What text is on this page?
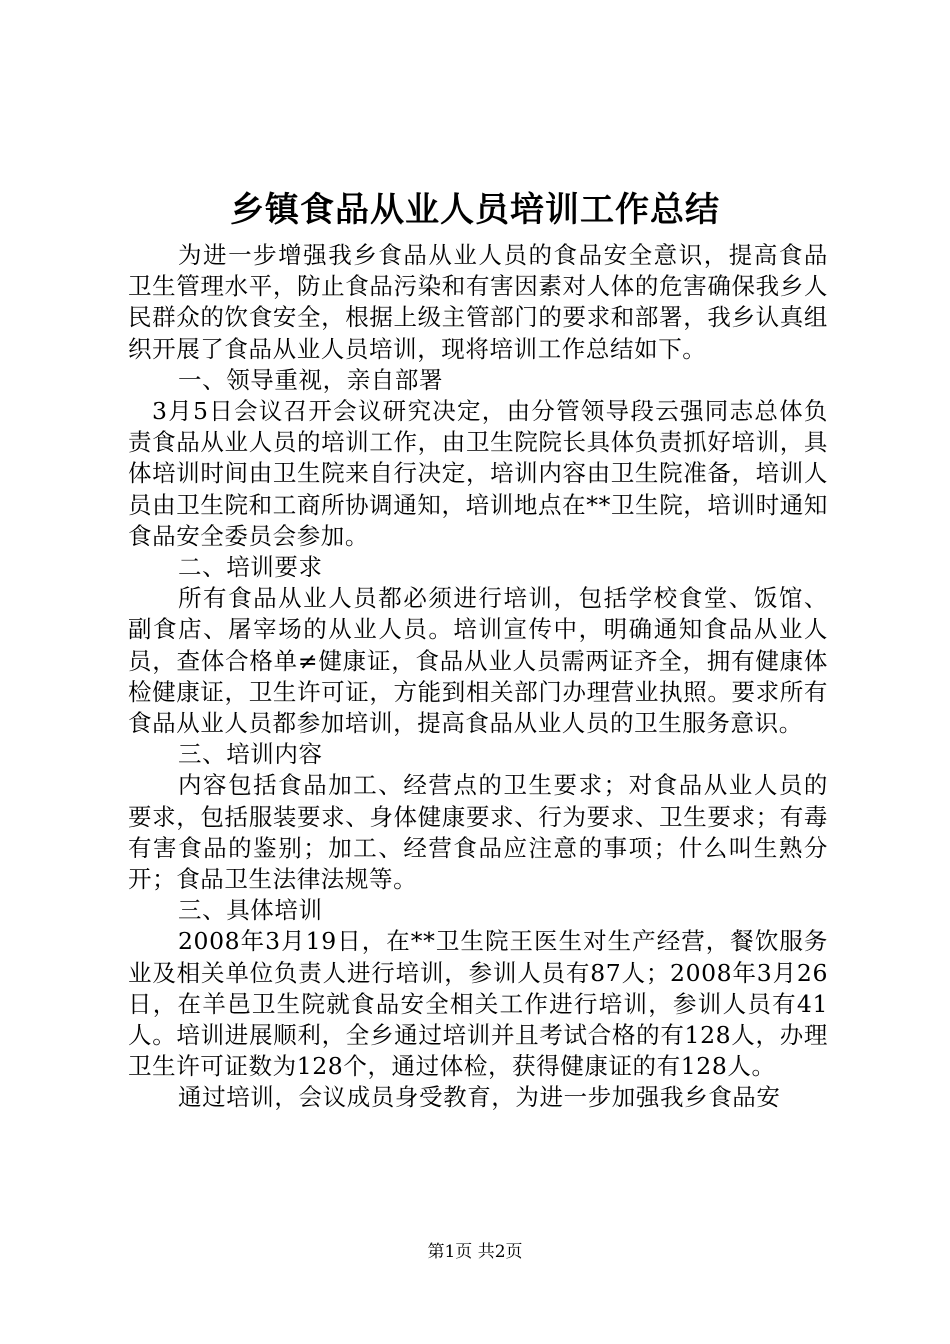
乡镇食品从业人员培训工作总结

为进一步增强我乡食品从业人员的食品安全意识，提高食品卫生管理水平，防止食品污染和有害因素对人体的危害确保我乡人民群众的饮食安全，根据上级主管部门的要求和部署，我乡认真组织开展了食品从业人员培训，现将培训工作总结如下。

一、领导重视，亲自部署

3月5日会议召开会议研究决定，由分管领导段云强同志总体负责食品从业人员的培训工作，由卫生院院长具体负责抓好培训，具体培训时间由卫生院来自行决定，培训内容由卫生院准备，培训人员由卫生院和工商所协调通知，培训地点在**卫生院，培训时通知食品安全委员会参加。

二、培训要求

所有食品从业人员都必须进行培训，包括学校食堂、饭馆、副食店、屠宰场的从业人员。培训宣传中，明确通知食品从业人员，查体合格单≠健康证，食品从业人员需两证齐全，拥有健康体检健康证，卫生许可证，方能到相关部门办理营业执照。要求所有食品从业人员都参加培训，提高食品从业人员的卫生服务意识。

三、培训内容

内容包括食品加工、经营点的卫生要求；对食品从业人员的要求，包括服装要求、身体健康要求、行为要求、卫生要求；有毒有害食品的鉴别；加工、经营食品应注意的事项；什么叫生熟分开；食品卫生法律法规等。

三、具体培训

2008年3月19日，在**卫生院王医生对生产经营，餐饮服务业及相关单位负责人进行培训，参训人员有87人；2008年3月26日，在羊邑卫生院就食品安全相关工作进行培训，参训人员有41人。培训进展顺利，全乡通过培训并且考试合格的有128人，办理卫生许可证数为128个，通过体检，获得健康证的有128人。

通过培训，会议成员身受教育，为进一步加强我乡食品安

第1页 共2页
